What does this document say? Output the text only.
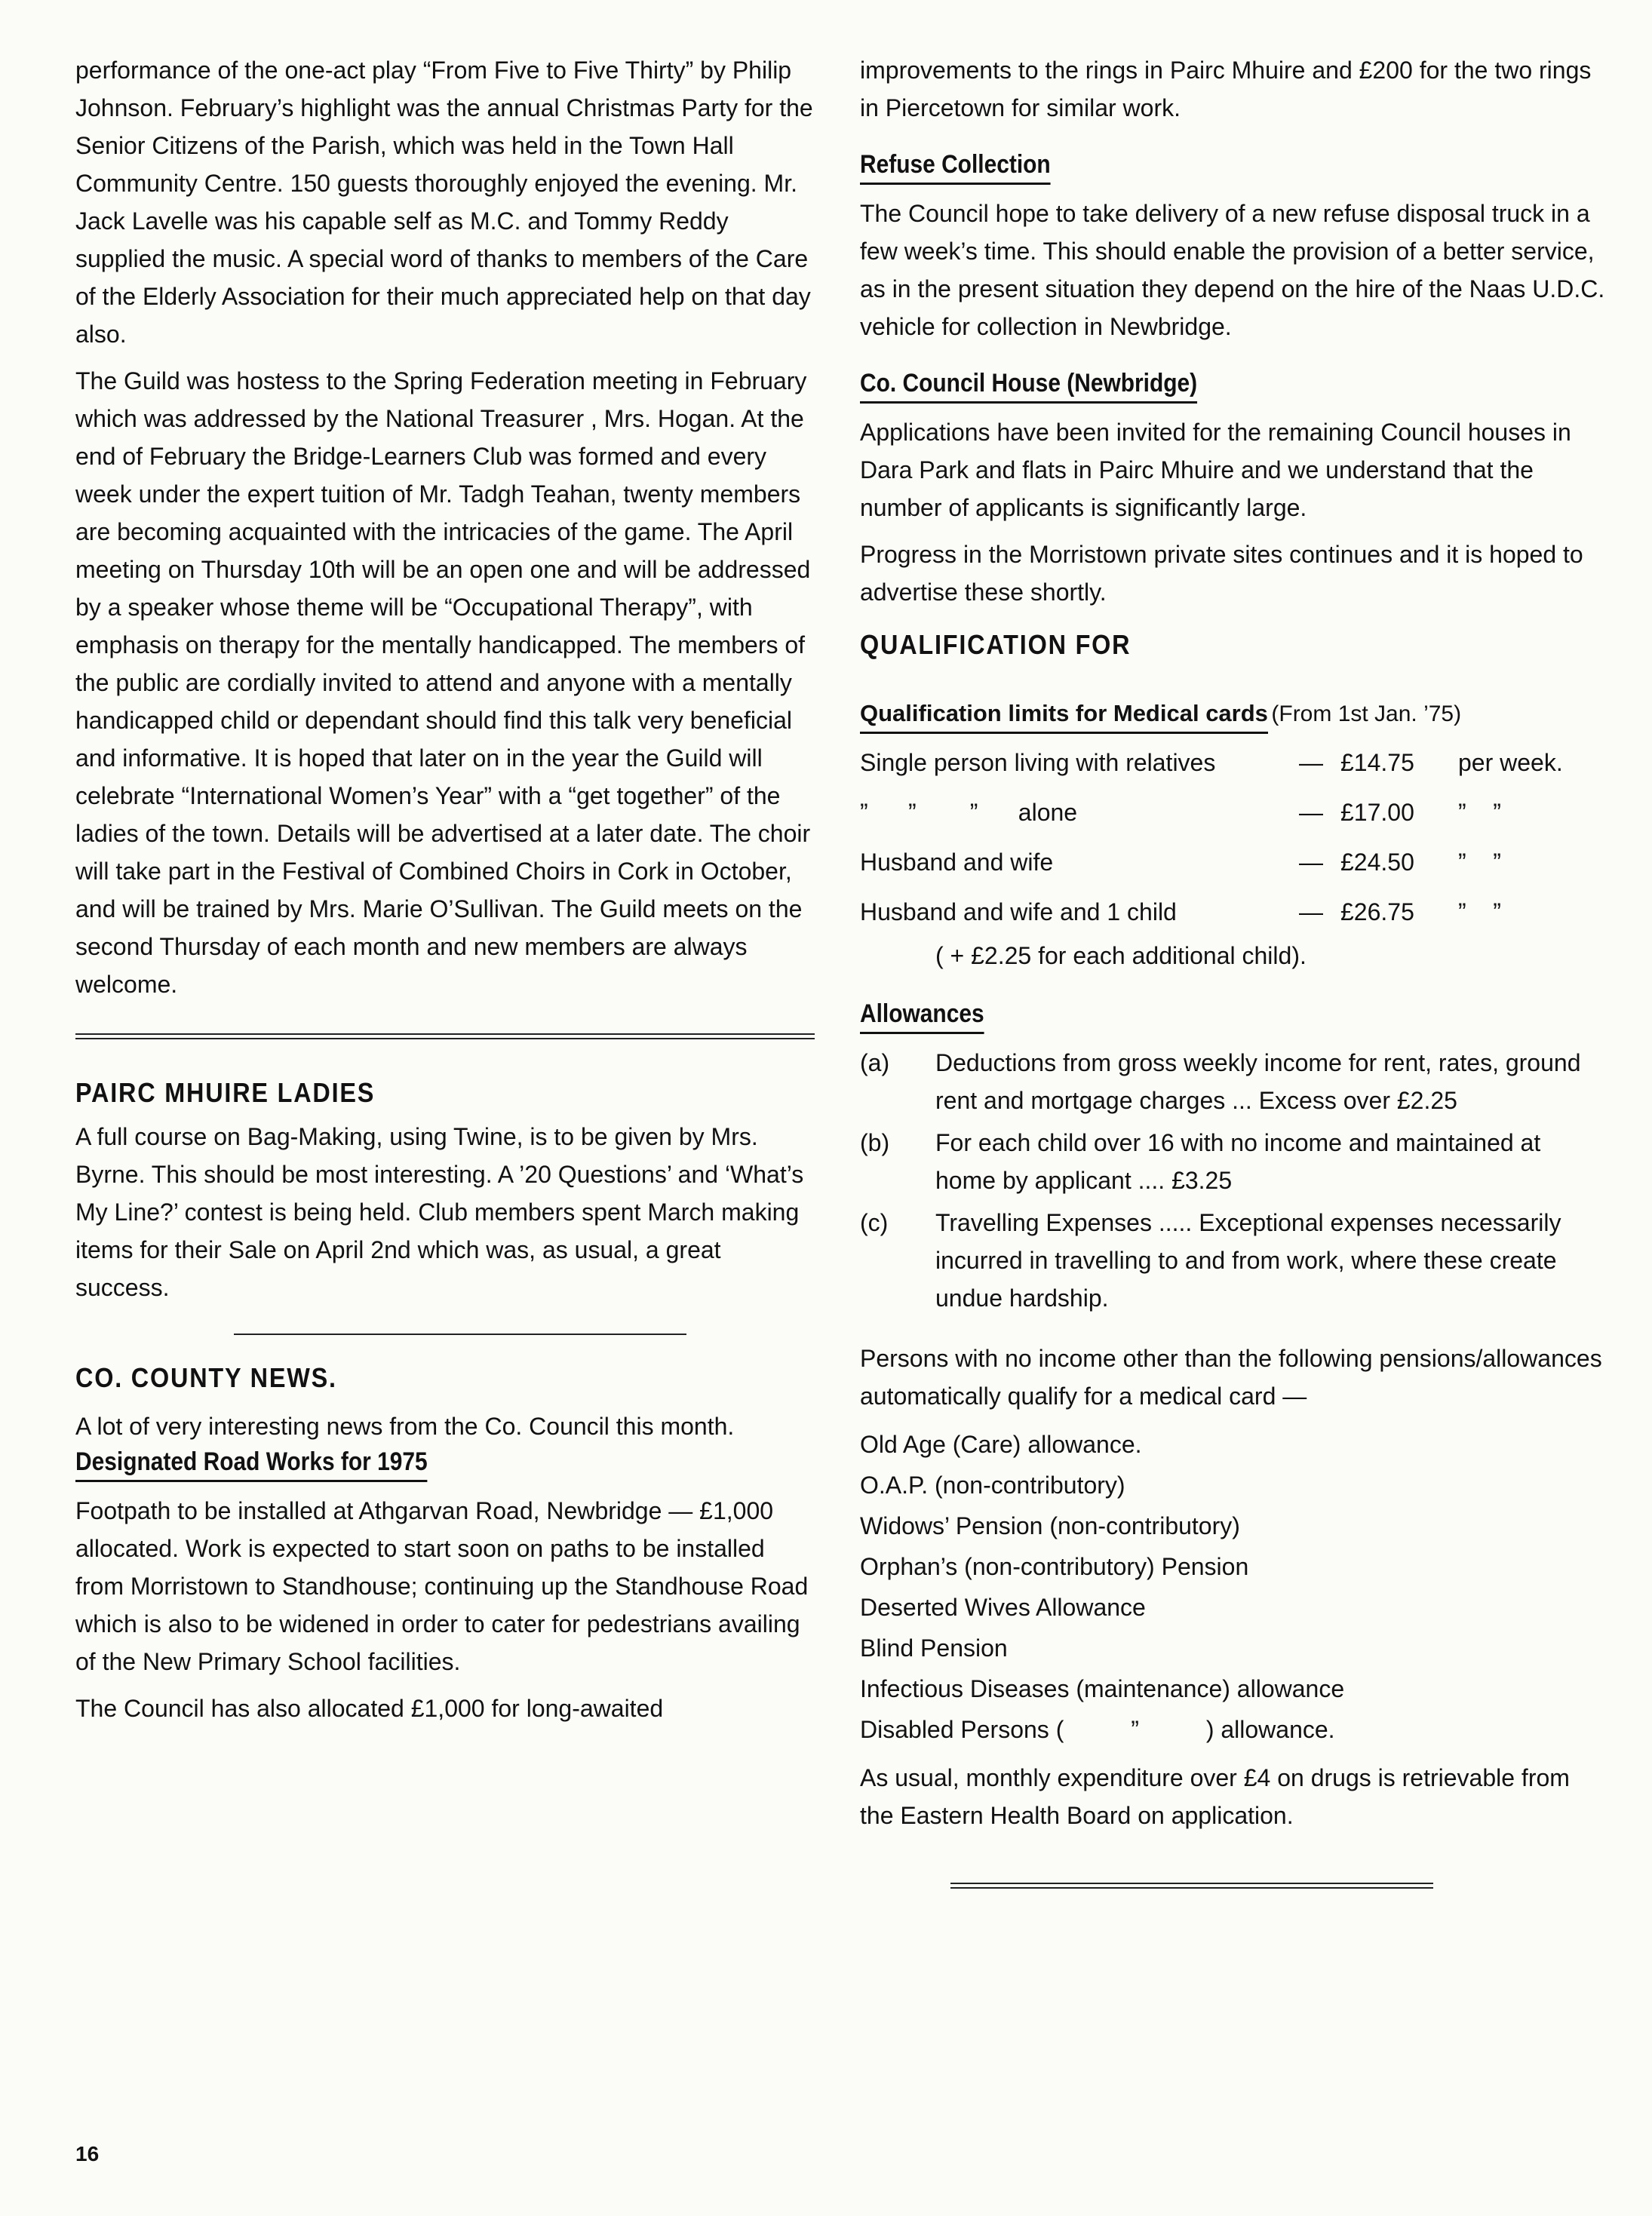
performance of the one-act play “From Five to Five Thirty” by Philip Johnson. February’s highlight was the annual Christmas Party for the Senior Citizens of the Parish, which was held in the Town Hall Community Centre. 150 guests thoroughly enjoyed the evening. Mr. Jack Lavelle was his capable self as M.C. and Tommy Reddy supplied the music. A special word of thanks to members of the Care of the Elderly Association for their much appreciated help on that day also.

The Guild was hostess to the Spring Federation meeting in February which was addressed by the National Treasurer , Mrs. Hogan. At the end of February the Bridge-Learners Club was formed and every week under the expert tuition of Mr. Tadgh Teahan, twenty members are becoming acquainted with the intricacies of the game. The April meeting on Thursday 10th will be an open one and will be addressed by a speaker whose theme will be “Occupational Therapy”, with emphasis on therapy for the mentally handicapped. The members of the public are cordially invited to attend and anyone with a mentally handicapped child or dependant should find this talk very beneficial and informative. It is hoped that later on in the year the Guild will celebrate “International Women’s Year” with a “get together” of the ladies of the town. Details will be advertised at a later date. The choir will take part in the Festival of Combined Choirs in Cork in October, and will be trained by Mrs. Marie O’Sullivan. The Guild meets on the second Thursday of each month and new members are always welcome.

PAIRC MHUIRE LADIES

A full course on Bag-Making, using Twine, is to be given by Mrs. Byrne. This should be most interesting. A ’20 Questions’ and ‘What’s My Line?’ contest is being held. Club members spent March making items for their Sale on April 2nd which was, as usual, a great success.

CO. COUNTY NEWS.

A lot of very interesting news from the Co. Council this month.

Designated Road Works for 1975

Footpath to be installed at Athgarvan Road, Newbridge — £1,000 allocated. Work is expected to start soon on paths to be installed from Morristown to Standhouse; continuing up the Standhouse Road which is also to be widened in order to cater for pedestrians availing of the New Primary School facilities.

The Council has also allocated £1,000 for long-awaited

improvements to the rings in Pairc Mhuire and £200 for the two rings in Piercetown for similar work.

Refuse Collection

The Council hope to take delivery of a new refuse disposal truck in a few week’s time. This should enable the provision of a better service, as in the present situation they depend on the hire of the Naas U.D.C. vehicle for collection in Newbridge.

Co. Council House (Newbridge)

Applications have been invited for the remaining Council houses in Dara Park and flats in Pairc Mhuire and we understand that the number of applicants is significantly large.

Progress in the Morristown private sites continues and it is hoped to advertise these shortly.

QUALIFICATION FOR
Qualification limits for Medical cards (From 1st Jan. ’75)
Single person living with relatives	— £14.75	per week.
”      ”        ”      alone	— £17.00	”    ”
Husband and wife	— £24.50	”    ”
Husband and wife and 1 child	— £26.75	”    ”

( + £2.25 for each additional child).

Allowances
(a)	Deductions from gross weekly income for rent, rates, ground rent and mortgage charges ... Excess over £2.25

(b)	For each child over 16 with no income and maintained at home by applicant .... £3.25

(c)	Travelling Expenses ..... Exceptional expenses necessarily incurred in travelling to and from work, where these create undue hardship.

Persons with no income other than the following pensions/allowances automatically qualify for a medical card —

Old Age (Care) allowance.

O.A.P. (non-contributory)

Widows’ Pension (non-contributory)

Orphan’s (non-contributory) Pension

Deserted Wives Allowance

Blind Pension

Infectious Diseases (maintenance) allowance

Disabled Persons (          ”          ) allowance.

As usual, monthly expenditure over £4 on drugs is retrievable from the Eastern Health Board on application.

16
